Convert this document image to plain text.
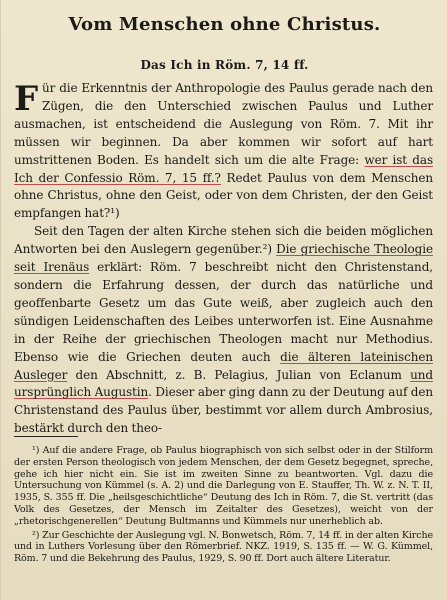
Vom Menschen ohne Christus.
Das Ich in Röm. 7, 14 ff.

Für die Erkenntnis der Anthropologie des Paulus gerade nach den Zügen, die den Unterschied zwischen Paulus und Luther ausmachen, ist entscheidend die Auslegung von Röm. 7. Mit ihr müssen wir beginnen. Da aber kommen wir sofort auf hart umstrittenen Boden. Es handelt sich um die alte Frage: wer ist das Ich der Confessio Röm. 7, 15 ff.? Redet Paulus von dem Menschen ohne Christus, ohne den Geist, oder von dem Christen, der den Geist empfangen hat?¹)

Seit den Tagen der alten Kirche stehen sich die beiden möglichen Antworten bei den Auslegern gegenüber.²) Die griechische Theologie seit Irenäus erklärt: Röm. 7 beschreibt nicht den Christenstand, sondern die Erfahrung dessen, der durch das natürliche und geoffenbarte Gesetz um das Gute weiß, aber zugleich auch den sündigen Leidenschaften des Leibes unterworfen ist. Eine Ausnahme in der Reihe der griechischen Theologen macht nur Methodius. Ebenso wie die Griechen deuten auch die älteren lateinischen Ausleger den Abschnitt, z. B. Pelagius, Julian von Eclanum und ursprünglich Augustin. Dieser aber ging dann zu der Deutung auf den Christenstand des Paulus über, bestimmt vor allem durch Ambrosius, bestärkt durch den theo-

¹) Auf die andere Frage, ob Paulus biographisch von sich selbst oder in der Stilform der ersten Person theologisch von jedem Menschen, der dem Gesetz begegnet, spreche, gehe ich hier nicht ein. Sie ist im zweiten Sinne zu beantworten. Vgl. dazu die Untersuchung von Kümmel (s. A. 2) und die Darlegung von E. Stauffer, Th. W. z. N. T. II, 1935, S. 355 ff. Die „heilsgeschichtliche“ Deutung des Ich in Röm. 7, die St. vertritt (das Volk des Gesetzes, der Mensch im Zeitalter des Gesetzes), weicht von der „rhetorischgenerellen“ Deutung Bultmanns und Kümmels nur unerheblich ab.

²) Zur Geschichte der Auslegung vgl. N. Bonwetsch, Röm. 7, 14 ff. in der alten Kirche und in Luthers Vorlesung über den Römerbrief. NKZ. 1919, S. 135 ff. — W. G. Kümmel, Röm. 7 und die Bekehrung des Paulus, 1929, S. 90 ff. Dort auch ältere Literatur.
